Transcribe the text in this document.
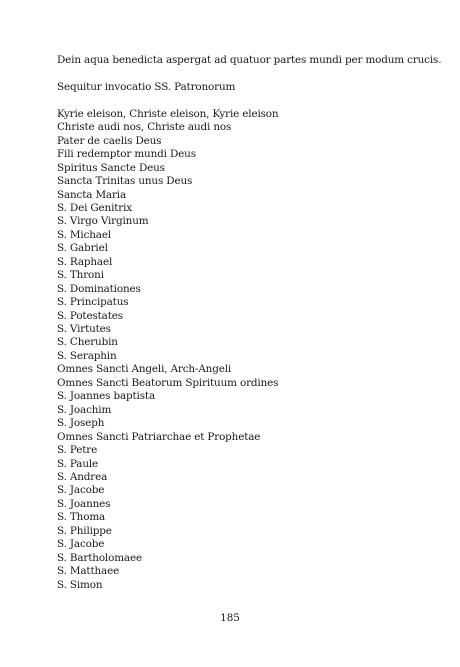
Dein aqua benedicta aspergat ad quatuor partes mundi per modum crucis.

Sequitur invocatio SS. Patronorum

Kyrie eleison, Christe eleison, Kyrie eleison
Christe audi nos, Christe audi nos
Pater de caelis Deus
Fili redemptor mundi Deus
Spiritus Sancte Deus
Sancta Trinitas unus Deus
Sancta Maria
S. Dei Genitrix
S. Virgo Virginum
S. Michael
S. Gabriel
S. Raphael
S. Throni
S. Dominationes
S. Principatus
S. Potestates
S. Virtutes
S. Cherubin
S. Seraphin
Omnes Sancti Angeli, Arch-Angeli
Omnes Sancti Beatorum Spirituum ordines
S. Joannes baptista
S. Joachim
S. Joseph
Omnes Sancti Patriarchae et Prophetae
S. Petre
S. Paule
S. Andrea
S. Jacobe
S. Joannes
S. Thoma
S. Philippe
S. Jacobe
S. Bartholomaee
S. Matthaee
S. Simon
185
